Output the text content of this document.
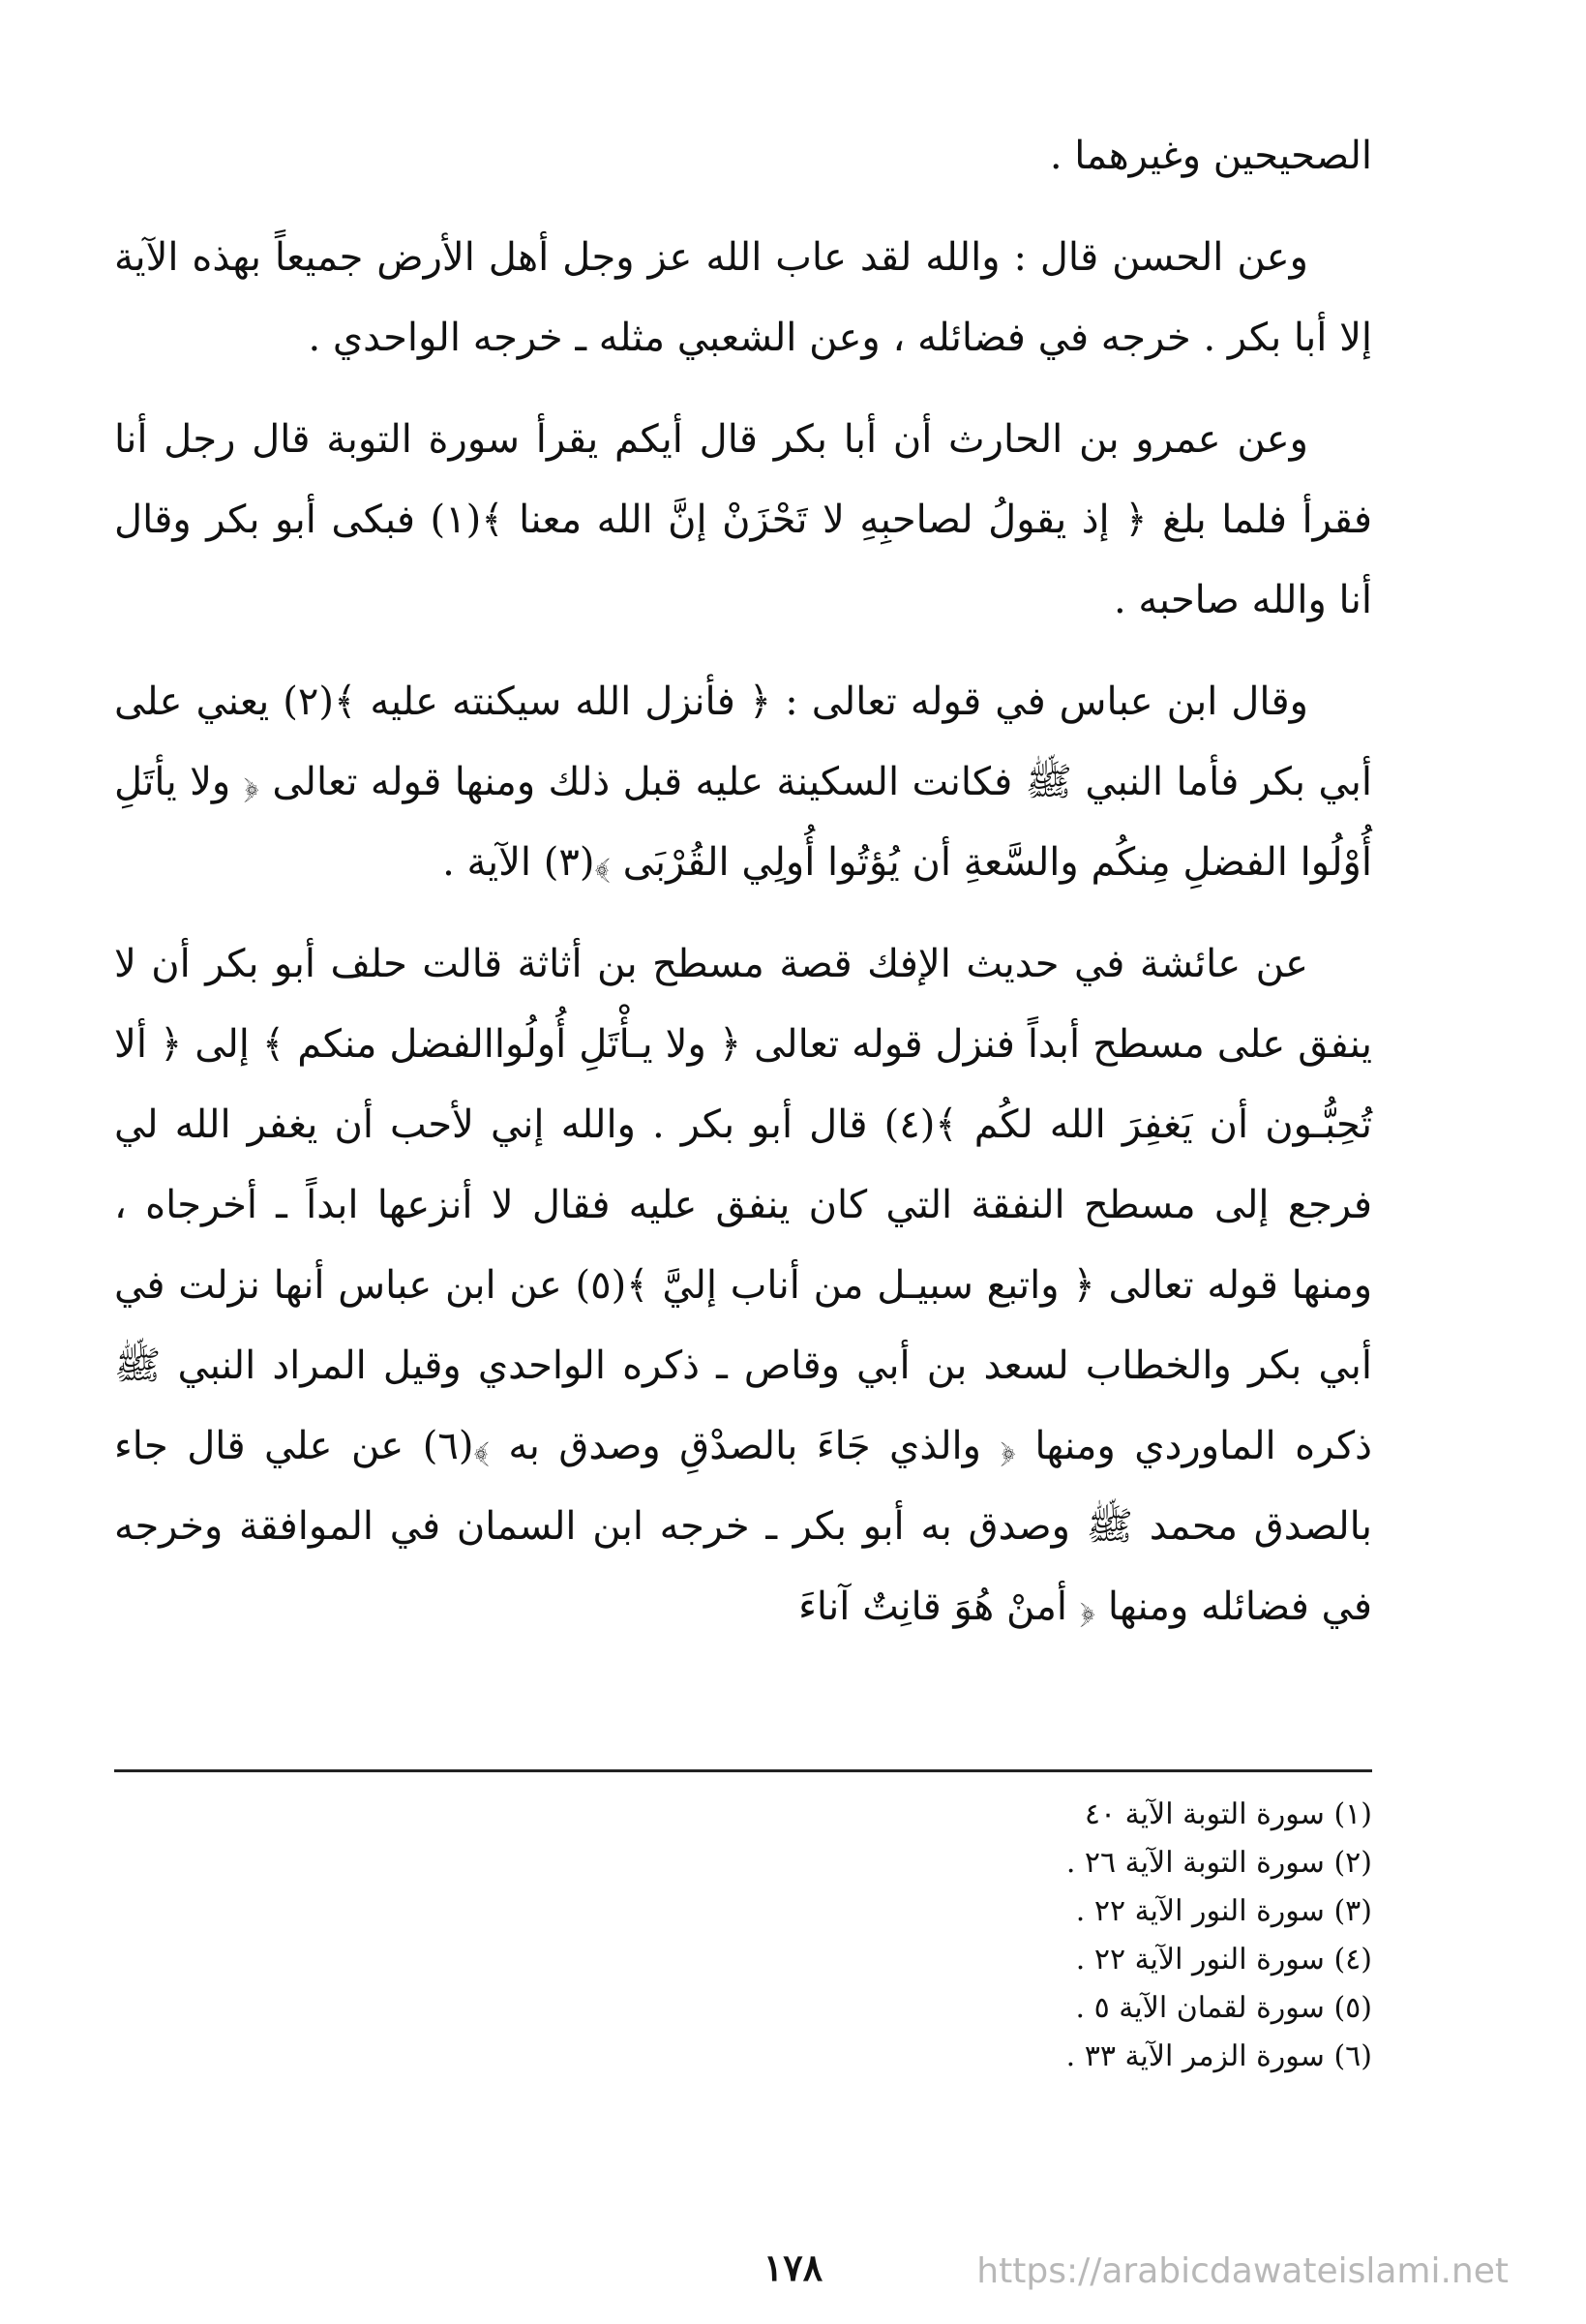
الصحيحين وغيرهما .

وعن الحسن قال : والله لقد عاب الله عز وجل أهل الأرض جميعاً بهذه الآية إلا أبا بكر . خرجه في فضائله ، وعن الشعبي مثله ـ خرجه الواحدي .

وعن عمرو بن الحارث أن أبا بكر قال أيكم يقرأ سورة التوبة قال رجل أنا فقرأ فلما بلغ ﴿ إذ يقولُ لصاحبِهِ لا تَحْزَنْ إنَّ الله معنا ﴾(١) فبكى أبو بكر وقال أنا والله صاحبه .

وقال ابن عباس في قوله تعالى : ﴿ فأنزل الله سيكنته عليه ﴾(٢) يعني على أبي بكر فأما النبي ﷺ فكانت السكينة عليه قبل ذلك ومنها قوله تعالى ﴿ ولا يأتَلِ أُوْلُوا الفضلِ مِنكُم والسَّعةِ أن يُؤتُوا أُولِي القُرْبَى ﴾(٣) الآية .

عن عائشة في حديث الإفك قصة مسطح بن أثاثة قالت حلف أبو بكر أن لا ينفق على مسطح أبداً فنزل قوله تعالى ﴿ ولا يـأْتَلِ أُولُواالفضل منكم ﴾ إلى ﴿ ألا تُحِبُّـون أن يَغفِرَ الله لكُم ﴾(٤) قال أبو بكر . والله إني لأحب أن يغفر الله لي فرجع إلى مسطح النفقة التي كان ينفق عليه فقال لا أنزعها ابداً ـ أخرجاه ، ومنها قوله تعالى ﴿ واتبع سبيـل من أناب إليَّ ﴾(٥) عن ابن عباس أنها نزلت في أبي بكر والخطاب لسعد بن أبي وقاص ـ ذكره الواحدي وقيل المراد النبي ﷺ ذكره الماوردي ومنها ﴿ والذي جَاءَ بالصدْقِ وصدق به ﴾(٦) عن علي قال جاء بالصدق محمد ﷺ وصدق به أبو بكر ـ خرجه ابن السمان في الموافقة وخرجه في فضائله ومنها ﴿ أمنْ هُوَ قانِتٌ آناءَ

(١) سورة التوبة الآية ٤٠
(٢) سورة التوبة الآية ٢٦ .
(٣) سورة النور الآية ٢٢ .
(٤) سورة النور الآية ٢٢ .
(٥) سورة لقمان الآية ٥ .
(٦) سورة الزمر الآية ٣٣ .
١٧٨	https://arabicdawateislami.net
